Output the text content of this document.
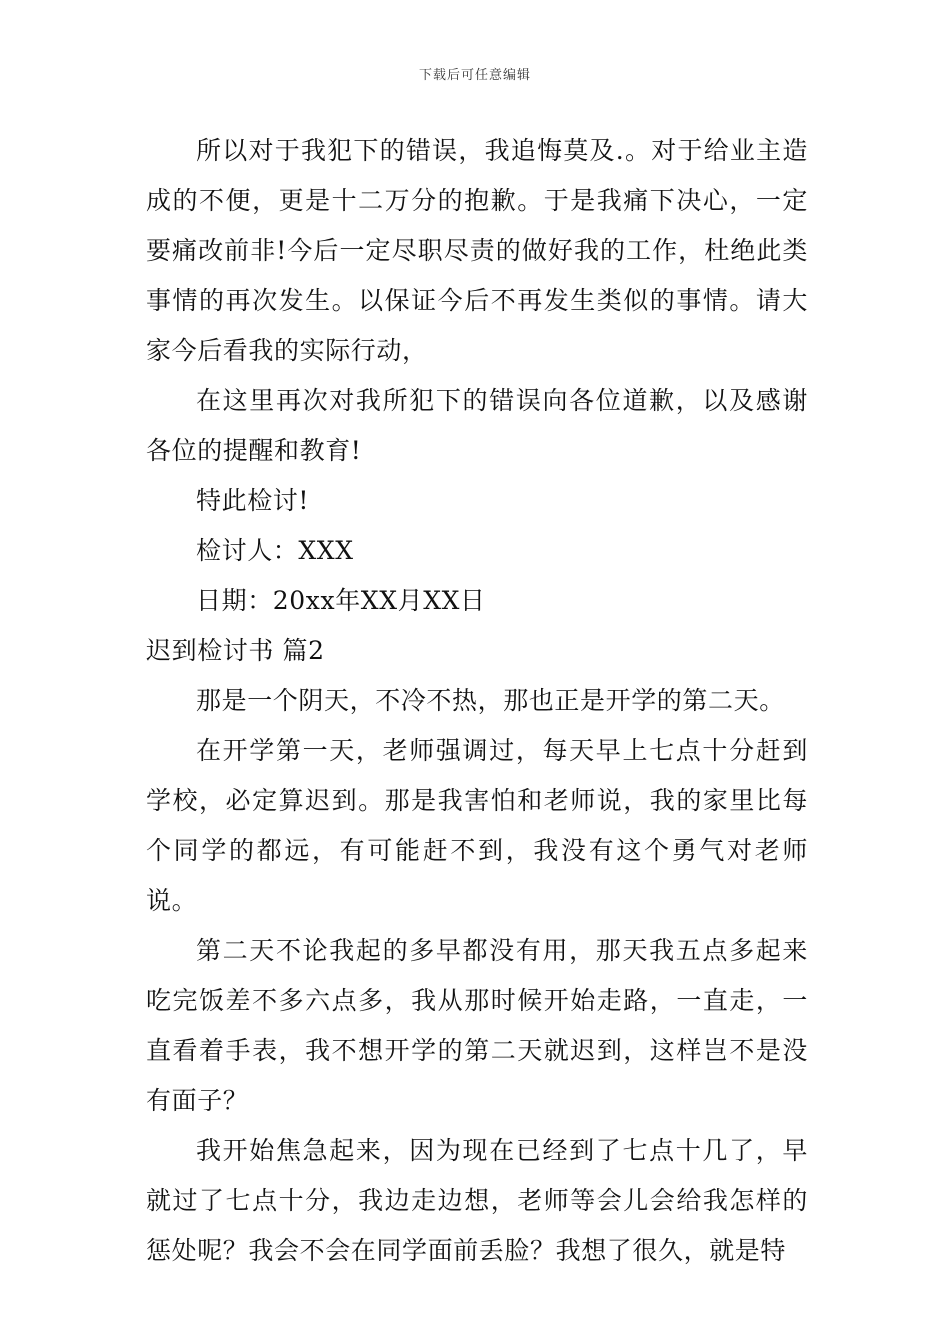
下载后可任意编辑

所以对于我犯下的错误，我追悔莫及.。对于给业主造成的不便，更是十二万分的抱歉。于是我痛下决心，一定要痛改前非!今后一定尽职尽责的做好我的工作，杜绝此类事情的再次发生。以保证今后不再发生类似的事情。请大家今后看我的实际行动，

在这里再次对我所犯下的错误向各位道歉，以及感谢各位的提醒和教育!

特此检讨!

检讨人：XXX

日期：20xx年XX月XX日

迟到检讨书 篇2

那是一个阴天，不冷不热，那也正是开学的第二天。

在开学第一天，老师强调过，每天早上七点十分赶到学校，必定算迟到。那是我害怕和老师说，我的家里比每个同学的都远，有可能赶不到，我没有这个勇气对老师说。

第二天不论我起的多早都没有用，那天我五点多起来吃完饭差不多六点多，我从那时候开始走路，一直走，一直看着手表，我不想开学的第二天就迟到，这样岂不是没有面子？

我开始焦急起来，因为现在已经到了七点十几了，早就过了七点十分，我边走边想，老师等会儿会给我怎样的惩处呢？我会不会在同学面前丢脸？我想了很久，就是特
